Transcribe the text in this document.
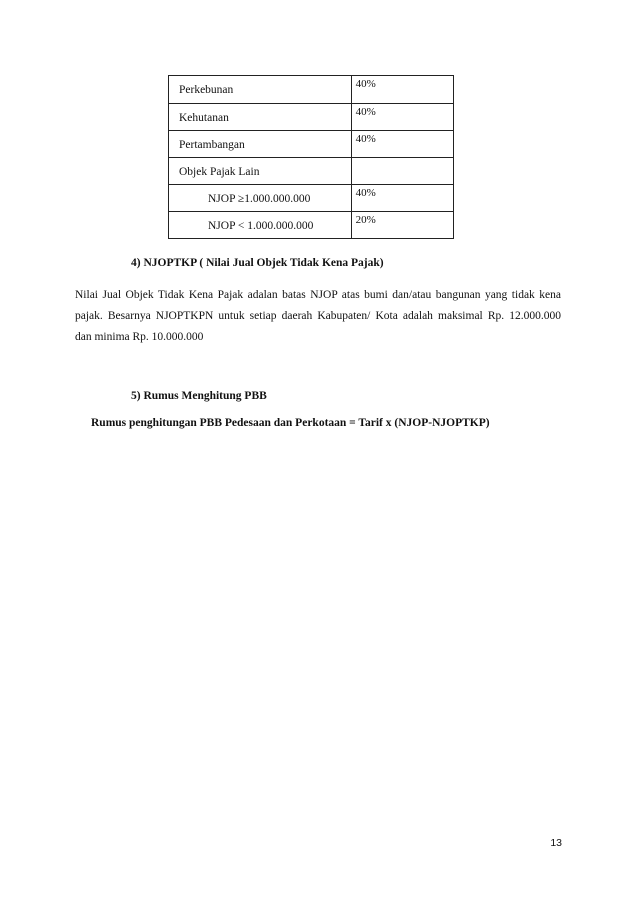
Perkebunan	40%

Kehutanan	40%

Pertambangan	40%

Objek Pajak Lain	

NJOP ≥1.000.000.000	40%

NJOP < 1.000.000.000	20%
4) NJOPTKP ( Nilai Jual Objek Tidak Kena Pajak)
Nilai Jual Objek Tidak Kena Pajak adalan batas NJOP atas bumi dan/atau bangunan yang tidak kena
pajak. Besarnya NJOPTKPN untuk setiap daerah Kabupaten/ Kota adalah maksimal Rp. 12.000.000
dan minima Rp. 10.000.000
5) Rumus Menghitung PBB
Rumus penghitungan PBB Pedesaan dan Perkotaan = Tarif x (NJOP-NJOPTKP)
13
